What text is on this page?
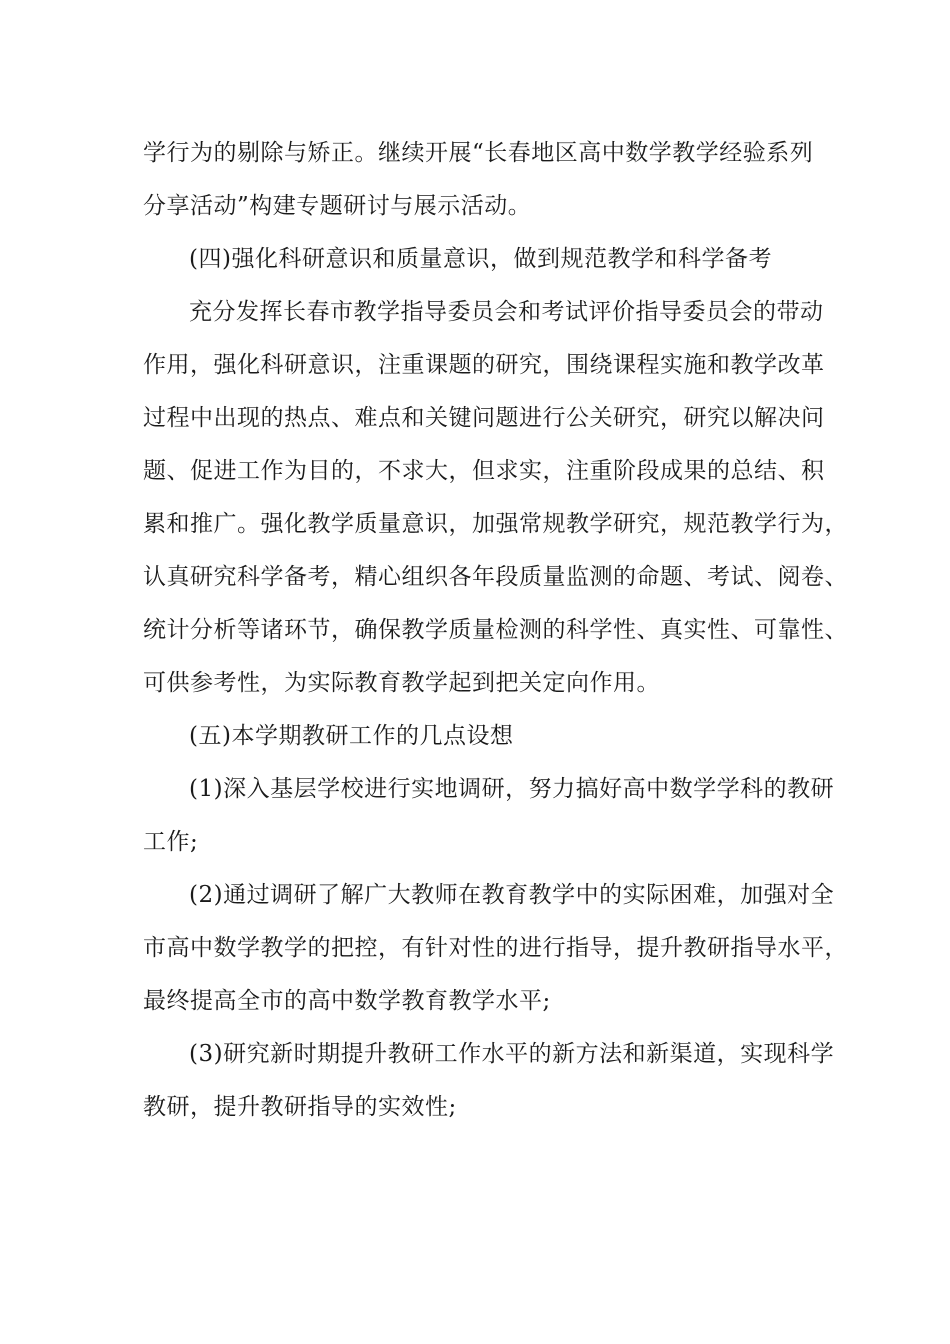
学行为的剔除与矫正。继续开展“长春地区高中数学教学经验系列

分享活动”构建专题研讨与展示活动。

(四)强化科研意识和质量意识，做到规范教学和科学备考

充分发挥长春市教学指导委员会和考试评价指导委员会的带动

作用，强化科研意识，注重课题的研究，围绕课程实施和教学改革

过程中出现的热点、难点和关键问题进行公关研究，研究以解决问

题、促进工作为目的，不求大，但求实，注重阶段成果的总结、积

累和推广。强化教学质量意识，加强常规教学研究，规范教学行为，

认真研究科学备考，精心组织各年段质量监测的命题、考试、阅卷、

统计分析等诸环节，确保教学质量检测的科学性、真实性、可靠性、

可供参考性，为实际教育教学起到把关定向作用。

(五)本学期教研工作的几点设想

(1)深入基层学校进行实地调研，努力搞好高中数学学科的教研

工作;

(2)通过调研了解广大教师在教育教学中的实际困难，加强对全

市高中数学教学的把控，有针对性的进行指导，提升教研指导水平，

最终提高全市的高中数学教育教学水平;

(3)研究新时期提升教研工作水平的新方法和新渠道，实现科学

教研，提升教研指导的实效性;
